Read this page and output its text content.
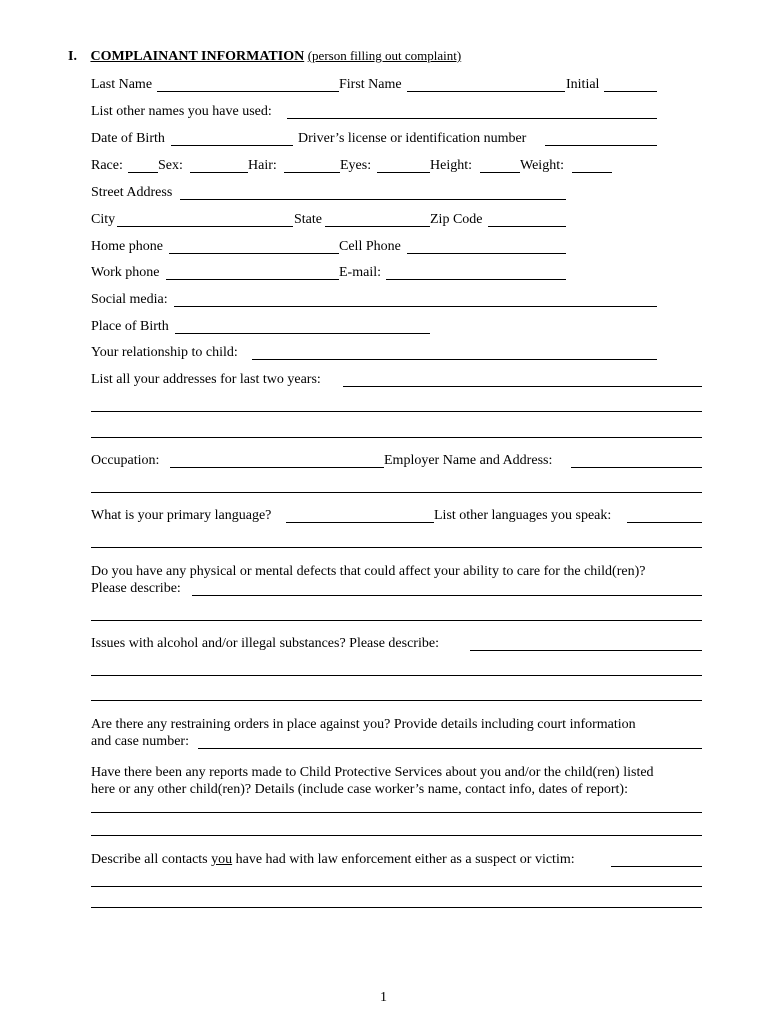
I. COMPLAINANT INFORMATION (person filling out complaint)
Last Name	First Name	Initial
List other names you have used:
Date of Birth	Driver’s license or identification number
Race:	Sex:	Hair:	Eyes:	Height:	Weight:
Street Address
City	State	Zip Code
Home phone	Cell Phone
Work phone	E-mail:
Social media:
Place of Birth
Your relationship to child:
List all your addresses for last two years:
Occupation:	Employer Name and Address:
What is your primary language?	List other languages you speak:
Do you have any physical or mental defects that could affect your ability to care for the child(ren)?
Please describe:
Issues with alcohol and/or illegal substances? Please describe:
Are there any restraining orders in place against you? Provide details including court information
and case number:
Have there been any reports made to Child Protective Services about you and/or the child(ren) listed
here or any other child(ren)? Details (include case worker’s name, contact info, dates of report):
Describe all contacts you have had with law enforcement either as a suspect or victim:
1
